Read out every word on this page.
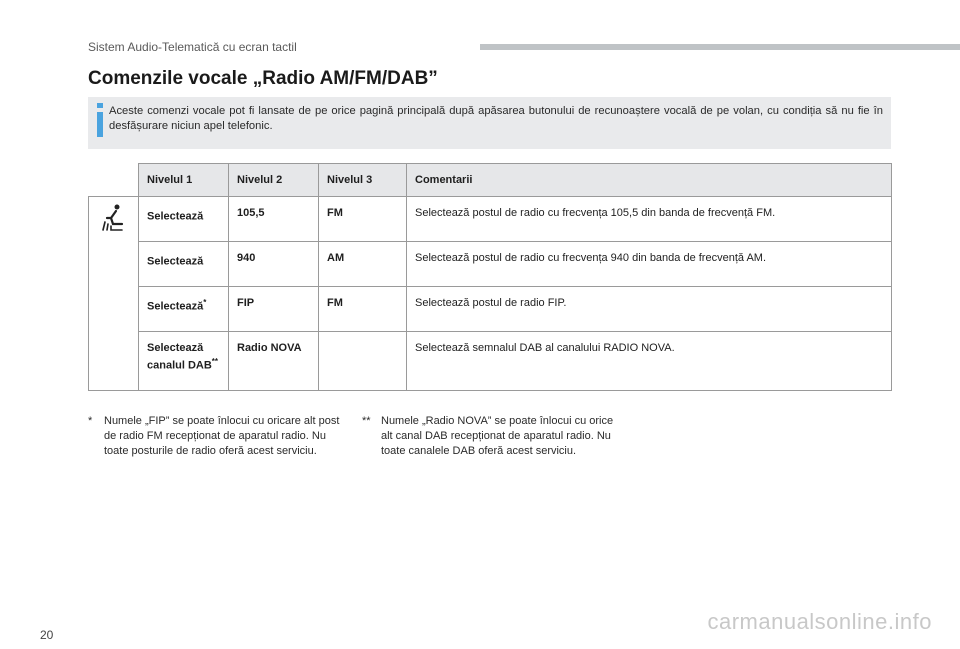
Sistem Audio-Telematică cu ecran tactil
Comenzile vocale „Radio AM/FM/DAB”
Aceste comenzi vocale pot fi lansate de pe orice pagină principală după apăsarea butonului de recunoaștere vocală de pe volan, cu condiția să nu fie în desfășurare niciun apel telefonic.
	Nivelul 1	Nivelul 2	Nivelul 3	Comentarii
	Selectează	105,5	FM	Selectează postul de radio cu frecvența 105,5 din banda de frecvență FM.
	Selectează	940	AM	Selectează postul de radio cu frecvența 940 din banda de frecvență AM.
	Selectează*	FIP	FM	Selectează postul de radio FIP.
	Selectează canalul DAB**	Radio NOVA		Selectează semnalul DAB al canalului RADIO NOVA.
* Numele „FIP” se poate înlocui cu oricare alt post de radio FM recepționat de aparatul radio. Nu toate posturile de radio oferă acest serviciu.
** Numele „Radio NOVA” se poate înlocui cu orice alt canal DAB recepționat de aparatul radio. Nu toate canalele DAB oferă acest serviciu.
20
carmanualsonline.info
